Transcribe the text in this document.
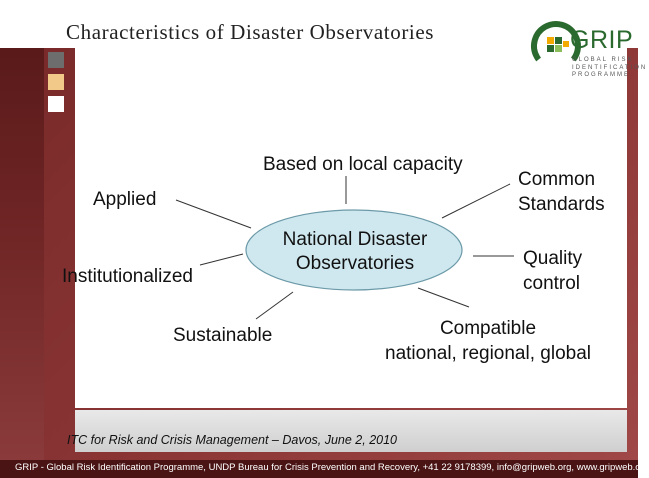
Characteristics of Disaster Observatories	GRIP
GLOBAL RISK
IDENTIFICATION
PROGRAMME
National Disaster
Observatories
Based on local capacity
Common
Standards
Applied
Quality
control
Institutionalized
Compatible
national, regional, global
Sustainable
ITC for Risk and Crisis Management – Davos, June 2, 2010
GRIP - Global Risk Identification Programme, UNDP Bureau for Crisis Prevention and Recovery, +41 22 9178399, info@gripweb.org, www.gripweb.org
